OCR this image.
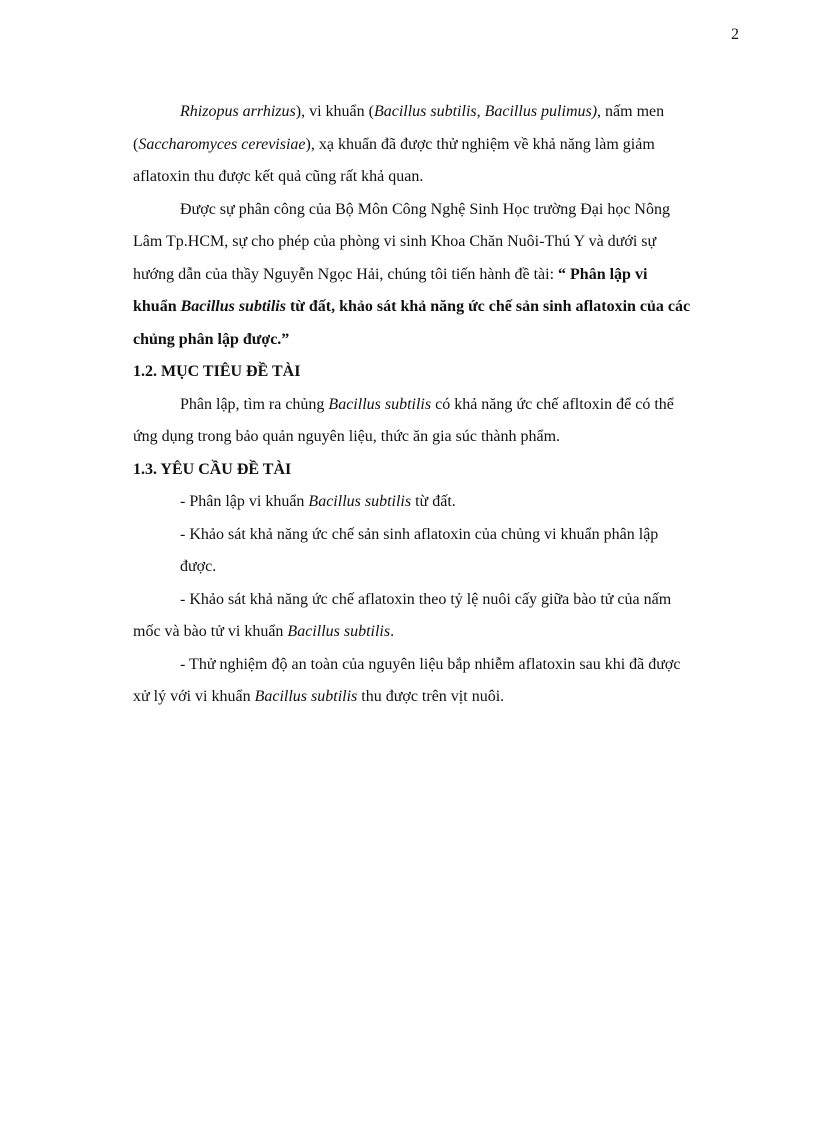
2

Rhizopus arrhizus), vi khuẩn (Bacillus subtilis, Bacillus pulimus), nấm men

(Saccharomyces cerevisiae), xạ khuẩn đã được thử nghiệm về khả năng làm giảm

aflatoxin thu được kết quả cũng rất khả quan.

Được sự phân công của Bộ Môn Công Nghệ Sinh Học trường Đại học Nông

Lâm Tp.HCM, sự cho phép của phòng vi sinh Khoa Chăn Nuôi-Thú Y và dưới sự

hướng dẫn của thầy Nguyễn Ngọc Hải, chúng tôi tiến hành đề tài: “ Phân lập vi

khuẩn Bacillus subtilis từ đất, khảo sát khả năng ức chế sản sinh aflatoxin của các

chủng phân lập được.”

1.2. MỤC TIÊU ĐỀ TÀI

Phân lập, tìm ra chủng Bacillus subtilis có khả năng ức chế afltoxin để có thể

ứng dụng trong bảo quản nguyên liệu, thức ăn gia súc thành phẩm.

1.3. YÊU CẦU ĐỀ TÀI

- Phân lập vi khuẩn Bacillus subtilis từ đất.

- Khảo sát khả năng ức chế sản sinh aflatoxin của chủng vi khuẩn phân lập

được.

- Khảo sát khả năng ức chế aflatoxin theo tỷ lệ nuôi cấy giữa bào tử của nấm

mốc và bào tử vi khuẩn Bacillus subtilis.

- Thử nghiệm độ an toàn của nguyên liệu bắp nhiễm aflatoxin sau khi đã được

xử lý với vi khuẩn Bacillus subtilis thu được trên vịt nuôi.
